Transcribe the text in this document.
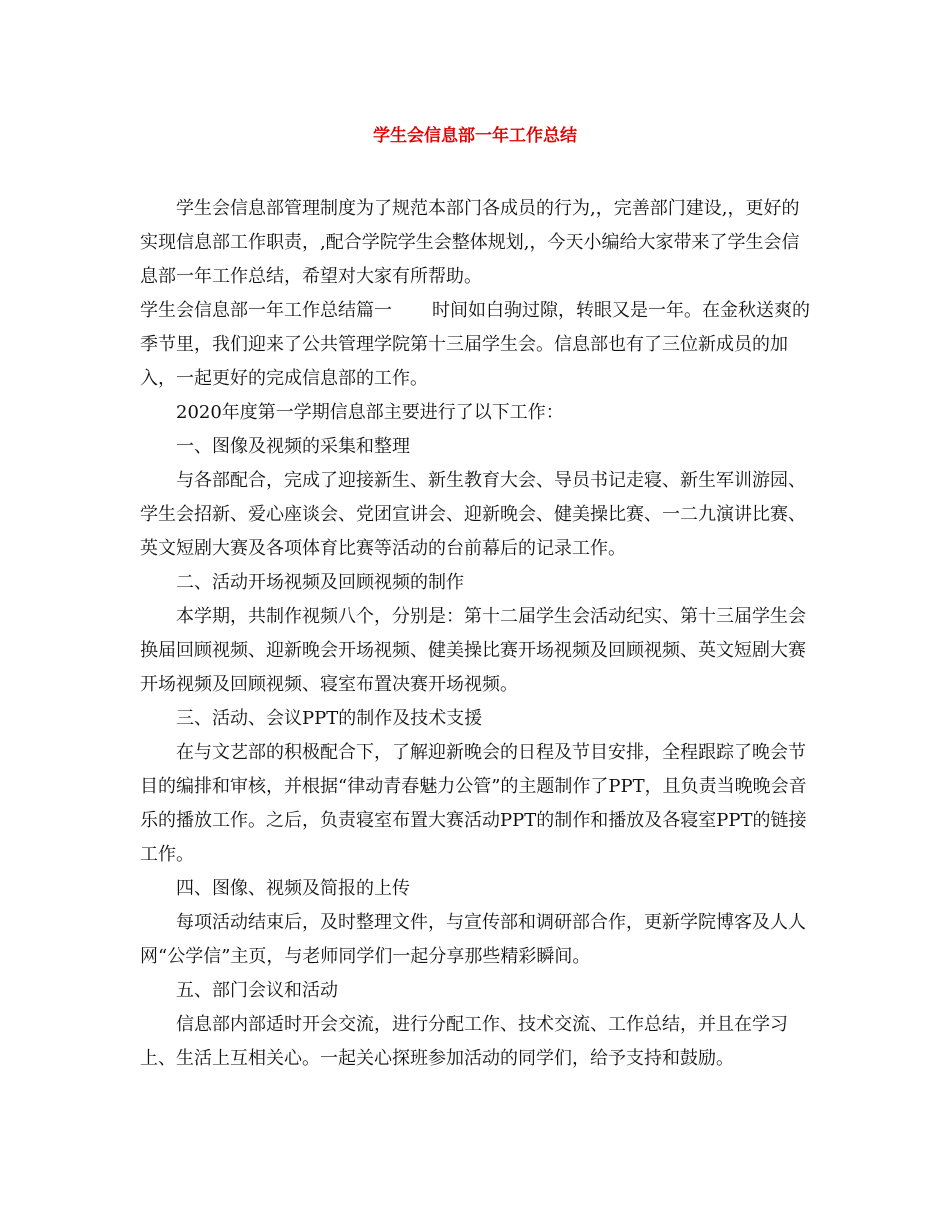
学生会信息部一年工作总结

学生会信息部管理制度为了规范本部门各成员的行为,，完善部门建设,，更好的实现信息部工作职责，,配合学院学生会整体规划,，今天小编给大家带来了学生会信息部一年工作总结，希望对大家有所帮助。

学生会信息部一年工作总结篇一 时间如白驹过隙，转眼又是一年。在金秋送爽的季节里，我们迎来了公共管理学院第十三届学生会。信息部也有了三位新成员的加入，一起更好的完成信息部的工作。

2020年度第一学期信息部主要进行了以下工作：

一、图像及视频的采集和整理

与各部配合，完成了迎接新生、新生教育大会、导员书记走寝、新生军训游园、学生会招新、爱心座谈会、党团宣讲会、迎新晚会、健美操比赛、一二九演讲比赛、英文短剧大赛及各项体育比赛等活动的台前幕后的记录工作。

二、活动开场视频及回顾视频的制作

本学期，共制作视频八个，分别是：第十二届学生会活动纪实、第十三届学生会换届回顾视频、迎新晚会开场视频、健美操比赛开场视频及回顾视频、英文短剧大赛开场视频及回顾视频、寝室布置决赛开场视频。

三、活动、会议PPT的制作及技术支援

在与文艺部的积极配合下，了解迎新晚会的日程及节目安排，全程跟踪了晚会节目的编排和审核，并根据“律动青春魅力公管”的主题制作了PPT，且负责当晚晚会音乐的播放工作。之后，负责寝室布置大赛活动PPT的制作和播放及各寝室PPT的链接工作。

四、图像、视频及简报的上传

每项活动结束后，及时整理文件，与宣传部和调研部合作，更新学院博客及人人网“公学信”主页，与老师同学们一起分享那些精彩瞬间。

五、部门会议和活动

信息部内部适时开会交流，进行分配工作、技术交流、工作总结，并且在学习上、生活上互相关心。一起关心探班参加活动的同学们，给予支持和鼓励。
